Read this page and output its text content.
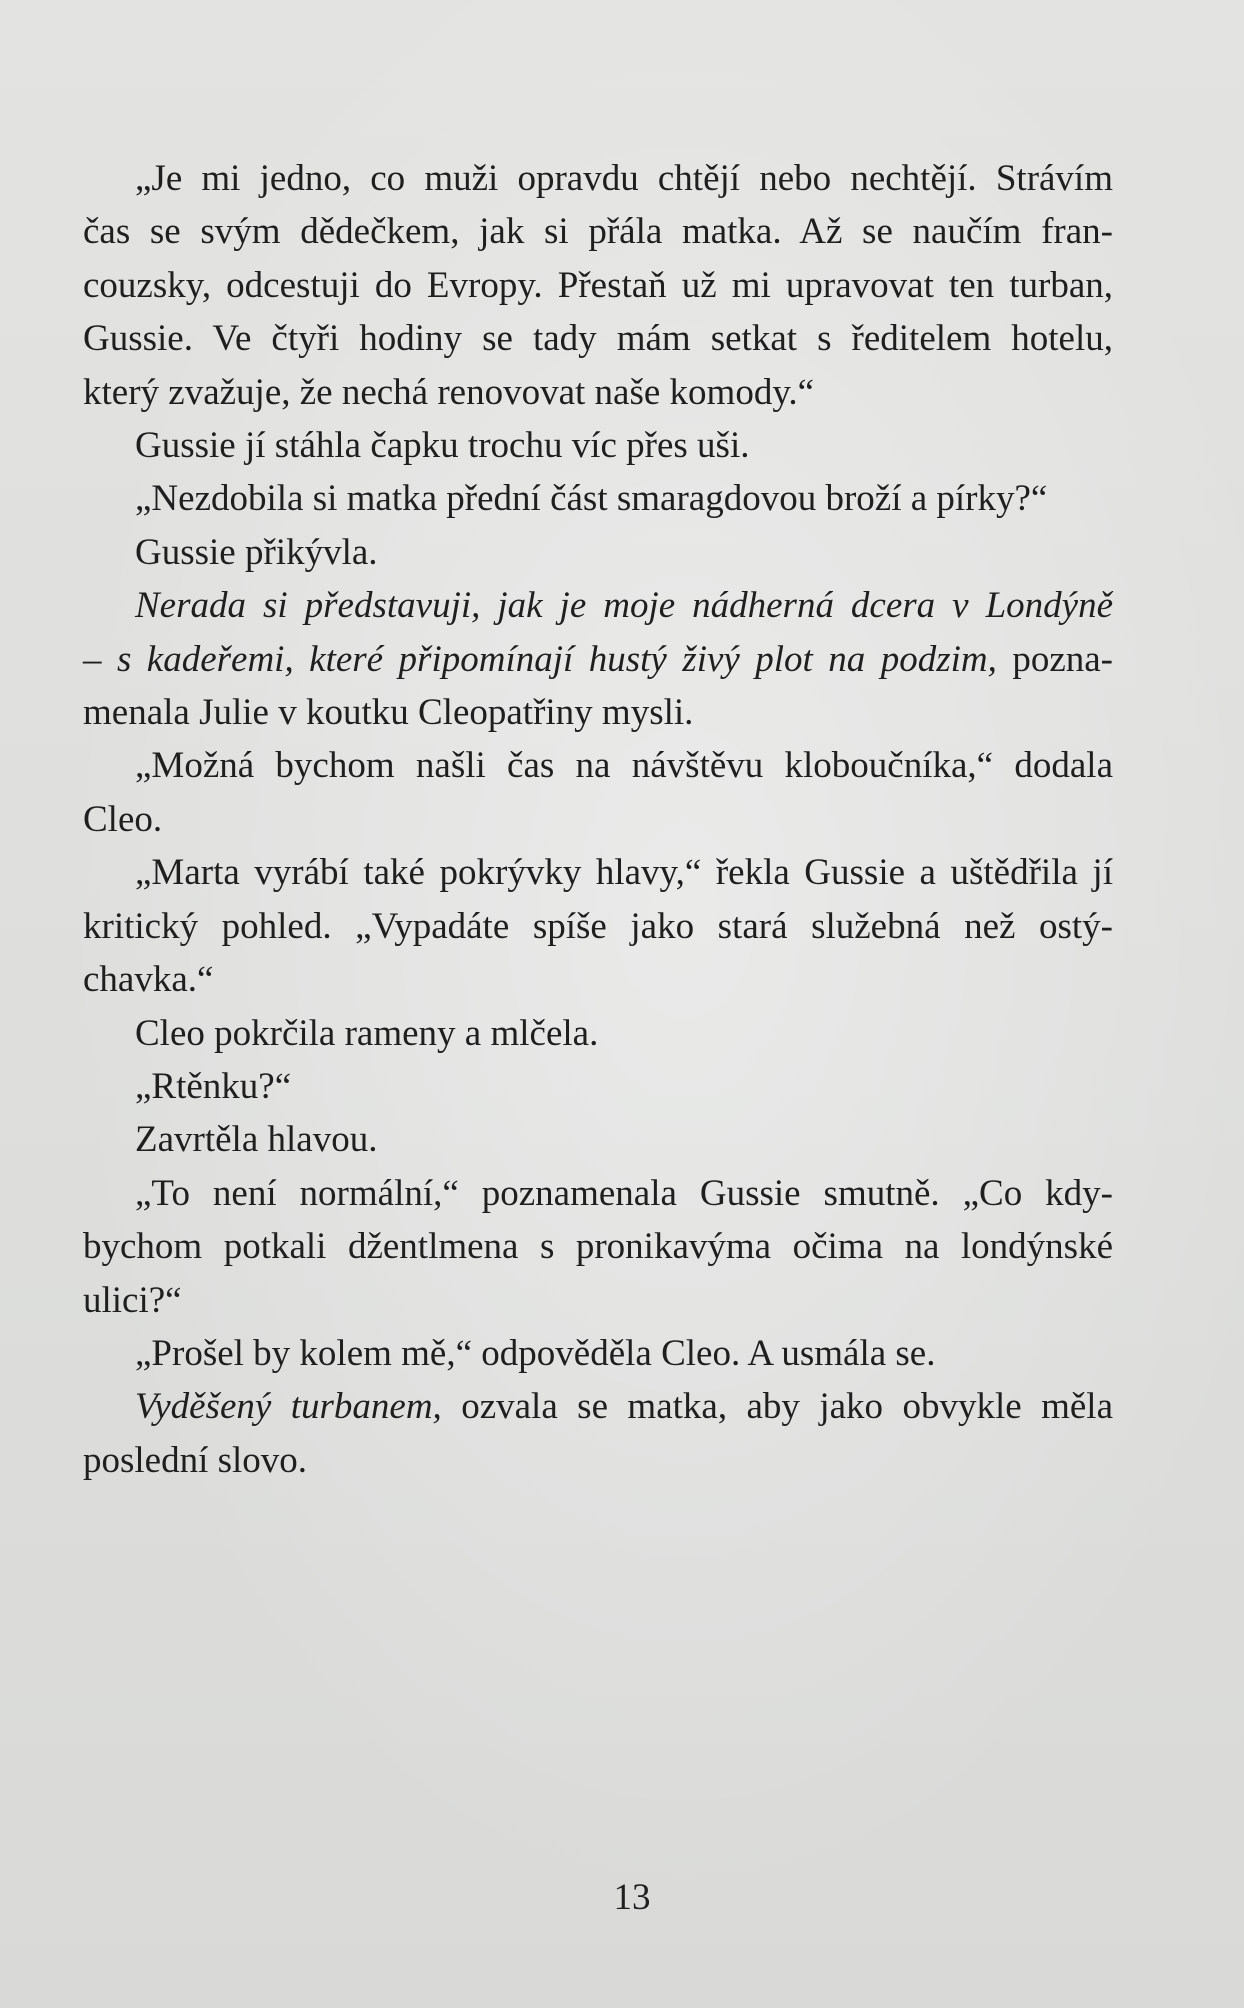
„Je mi jedno, co muži opravdu chtějí nebo nechtějí. Strávím
čas se svým dědečkem, jak si přála matka. Až se naučím fran-
couzsky, odcestuji do Evropy. Přestaň už mi upravovat ten turban,
Gussie. Ve čtyři hodiny se tady mám setkat s ředitelem hotelu,
který zvažuje, že nechá renovovat naše komody.“

Gussie jí stáhla čapku trochu víc přes uši.

„Nezdobila si matka přední část smaragdovou broží a pírky?“

Gussie přikývla.

Nerada si představuji, jak je moje nádherná dcera v Londýně
– s kadeřemi, které připomínají hustý živý plot na podzim, pozna-
menala Julie v koutku Cleopatřiny mysli.

„Možná bychom našli čas na návštěvu kloboučníka,“ dodala
Cleo.

„Marta vyrábí také pokrývky hlavy,“ řekla Gussie a uštědřila jí
kritický pohled. „Vypadáte spíše jako stará služebná než ostý-
chavka.“

Cleo pokrčila rameny a mlčela.

„Rtěnku?“

Zavrtěla hlavou.

„To není normální,“ poznamenala Gussie smutně. „Co kdy-
bychom potkali džentlmena s pronikavýma očima na londýnské
ulici?“

„Prošel by kolem mě,“ odpověděla Cleo. A usmála se.

Vyděšený turbanem, ozvala se matka, aby jako obvykle měla
poslední slovo.

13
